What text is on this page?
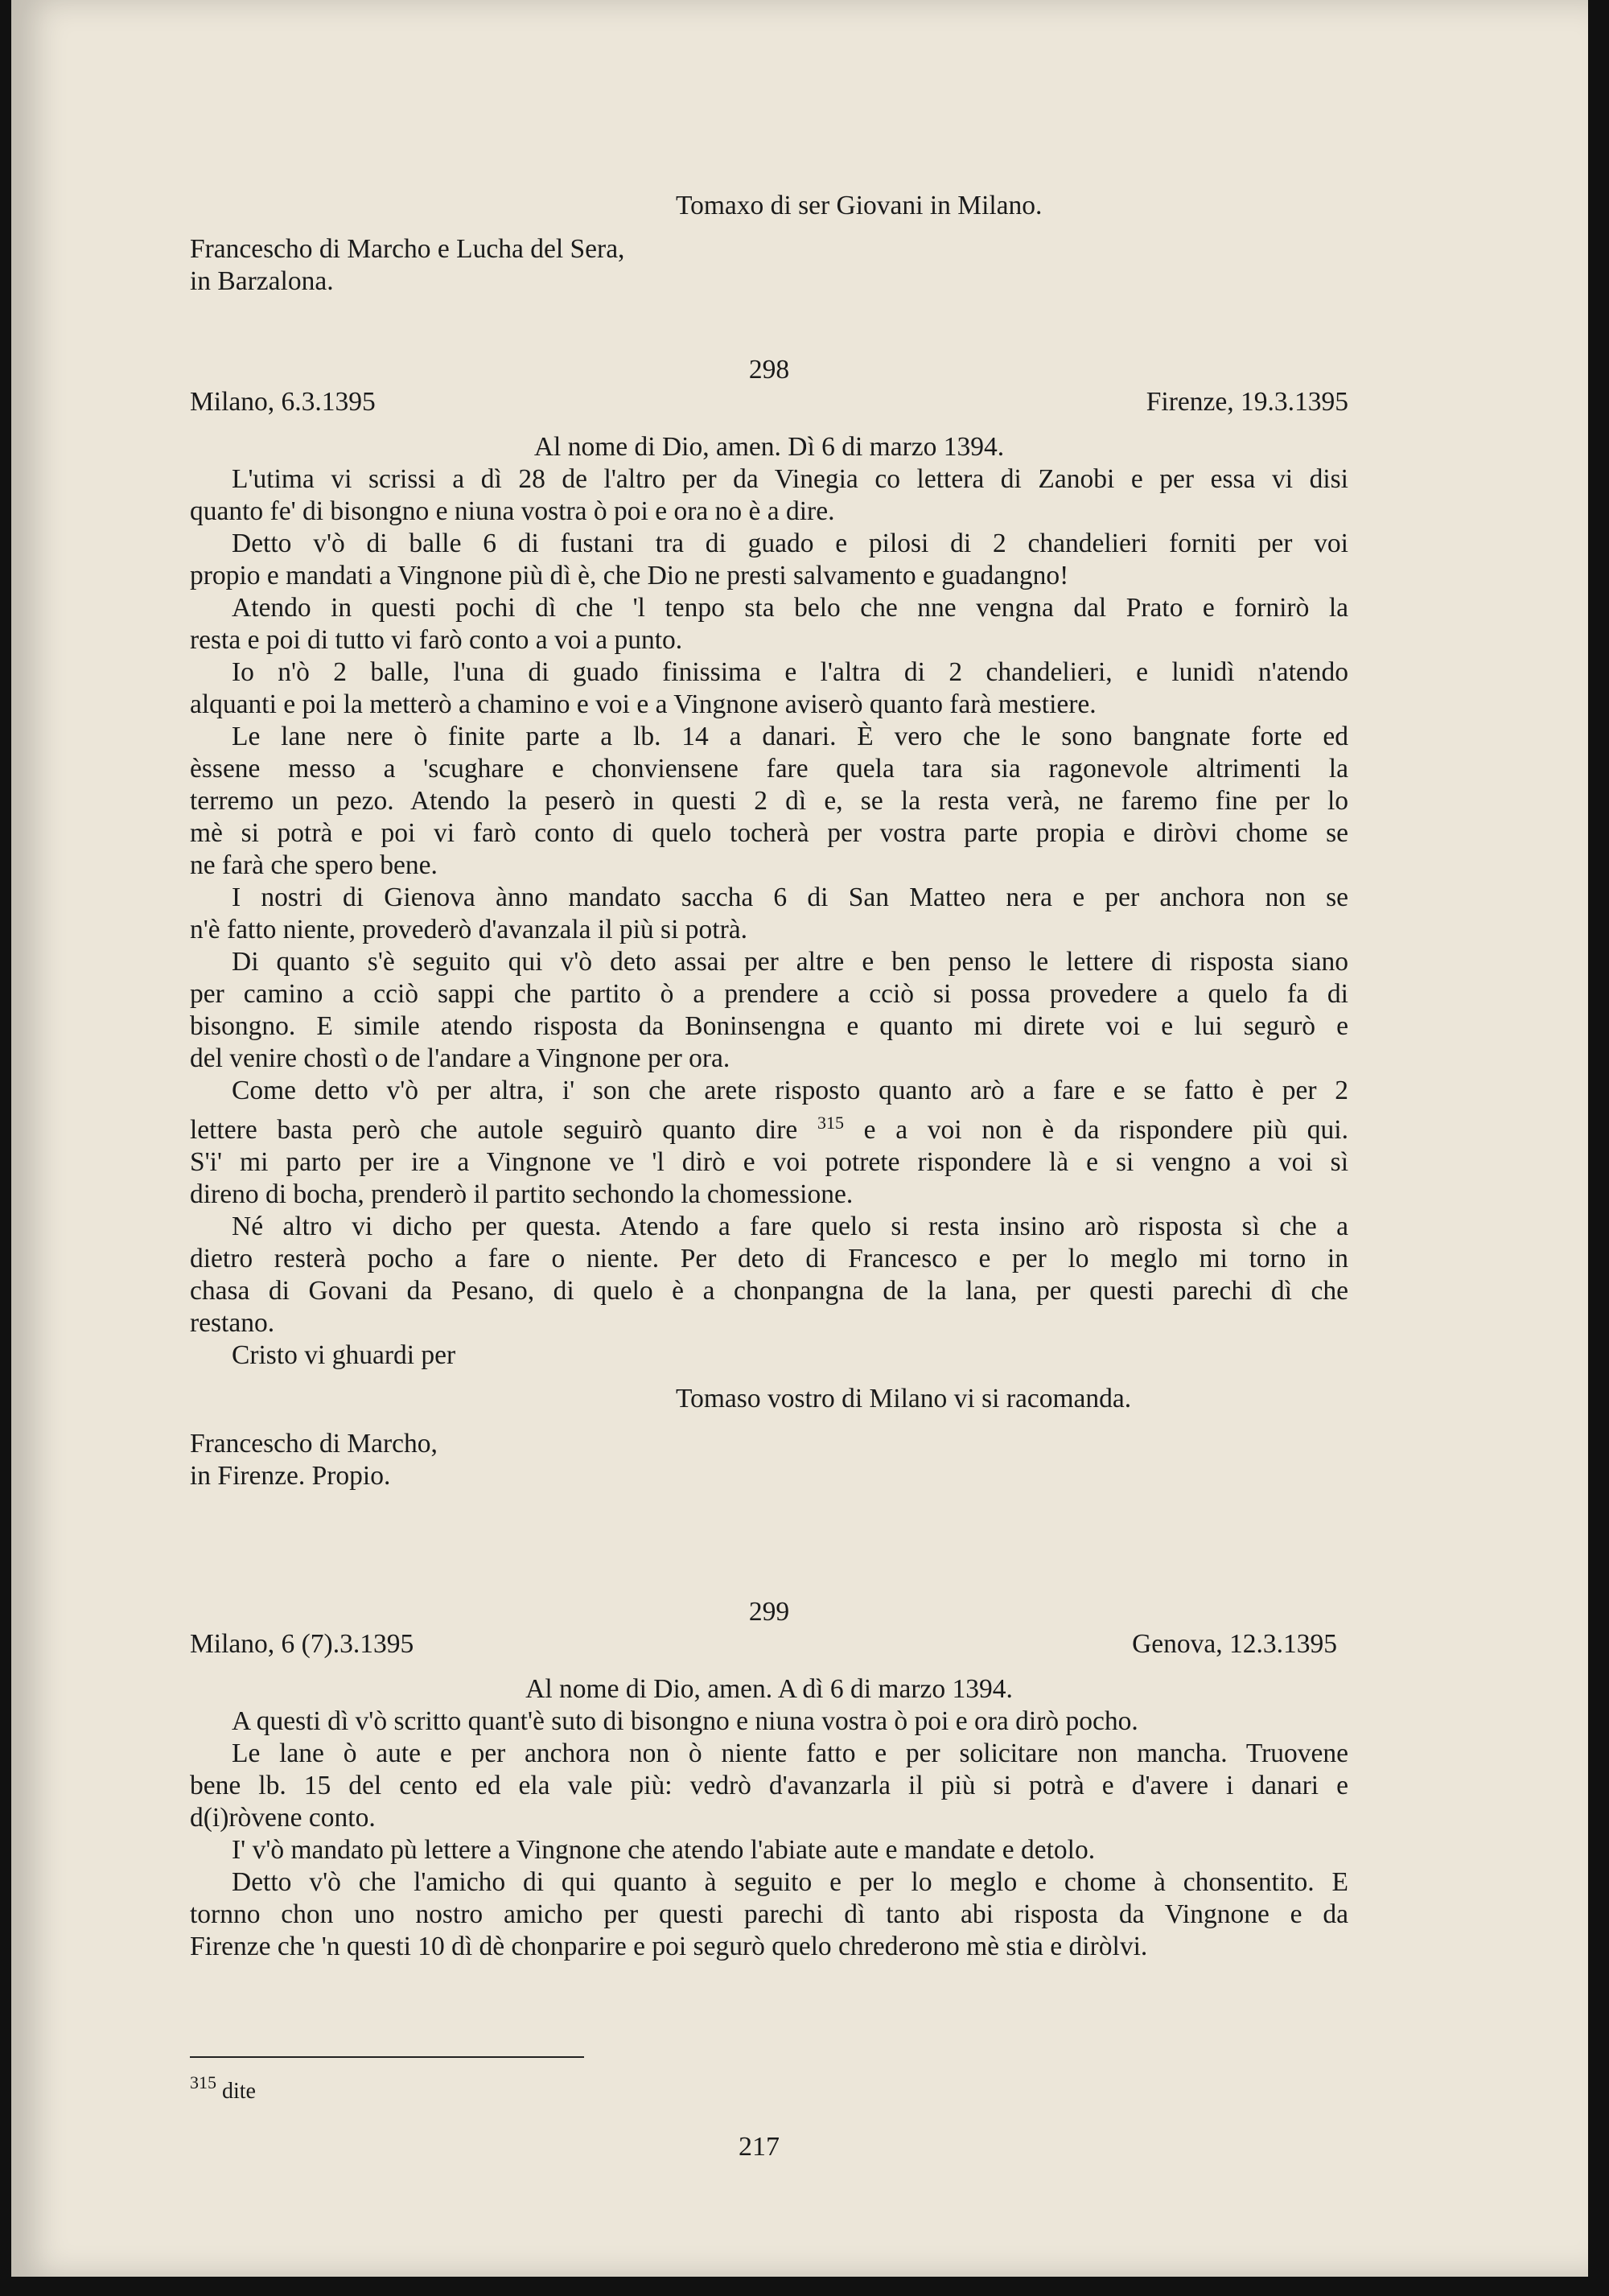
Tomaxo di ser Giovani in Milano.
Francescho di Marcho e Lucha del Sera,
in Barzalona.
298
Milano, 6.3.1395	Firenze, 19.3.1395
Al nome di Dio, amen. Dì 6 di marzo 1394.
L'utima vi scrissi a dì 28 de l'altro per da Vinegia co lettera di Zanobi e per essa vi disi
quanto fe' di bisongno e niuna vostra ò poi e ora no è a dire.
Detto v'ò di balle 6 di fustani tra di guado e pilosi di 2 chandelieri forniti per voi
propio e mandati a Vingnone più dì è, che Dio ne presti salvamento e guadangno!
Atendo in questi pochi dì che 'l tenpo sta belo che nne vengna dal Prato e fornirò la
resta e poi di tutto vi farò conto a voi a punto.
Io n'ò 2 balle, l'una di guado finissima e l'altra di 2 chandelieri, e lunidì n'atendo
alquanti e poi la metterò a chamino e voi e a Vingnone aviserò quanto farà mestiere.
Le lane nere ò finite parte a lb. 14 a danari. È vero che le sono bangnate forte ed
èssene messo a 'scughare e chonviensene fare quela tara sia ragonevole altrimenti la
terremo un pezo. Atendo la peserò in questi 2 dì e, se la resta verà, ne faremo fine per lo
mè si potrà e poi vi farò conto di quelo tocherà per vostra parte propia e diròvi chome se
ne farà che spero bene.
I nostri di Gienova ànno mandato saccha 6 di San Matteo nera e per anchora non se
n'è fatto niente, provederò d'avanzala il più si potrà.
Di quanto s'è seguito qui v'ò deto assai per altre e ben penso le lettere di risposta siano
per camino a cciò sappi che partito ò a prendere a cciò si possa provedere a quelo fa di
bisongno. E simile atendo risposta da Boninsengna e quanto mi direte voi e lui segurò e
del venire chostì o de l'andare a Vingnone per ora.
Come detto v'ò per altra, i' son che arete risposto quanto arò a fare e se fatto è per 2
lettere basta però che autole seguirò quanto dire $^{315}$ e a voi non è da rispondere più qui.
S'i' mi parto per ire a Vingnone ve 'l dirò e voi potrete rispondere là e si vengno a voi sì
direno di bocha, prenderò il partito sechondo la chomessione.
Né altro vi dicho per questa. Atendo a fare quelo si resta insino arò risposta sì che a
dietro resterà pocho a fare o niente. Per deto di Francesco e per lo meglo mi torno in
chasa di Govani da Pesano, di quelo è a chonpangna de la lana, per questi parechi dì che
restano.
Cristo vi ghuardi per
Tomaso vostro di Milano vi si racomanda.
Francescho di Marcho,
in Firenze. Propio.
299
Milano, 6 (7).3.1395	Genova, 12.3.1395
Al nome di Dio, amen. A dì 6 di marzo 1394.
A questi dì v'ò scritto quant'è suto di bisongno e niuna vostra ò poi e ora dirò pocho.
Le lane ò aute e per anchora non ò niente fatto e per solicitare non mancha. Truovene
bene lb. 15 del cento ed ela vale più: vedrò d'avanzarla il più si potrà e d'avere i danari e
d(i)ròvene conto.
I' v'ò mandato pù lettere a Vingnone che atendo l'abiate aute e mandate e detolo.
Detto v'ò che l'amicho di qui quanto à seguito e per lo meglo e chome à chonsentito. E
tornno chon uno nostro amicho per questi parechi dì tanto abi risposta da Vingnone e da
Firenze che 'n questi 10 dì dè chonparire e poi segurò quelo chrederono mè stia e diròlvi.
$^{315}$ dite
217
